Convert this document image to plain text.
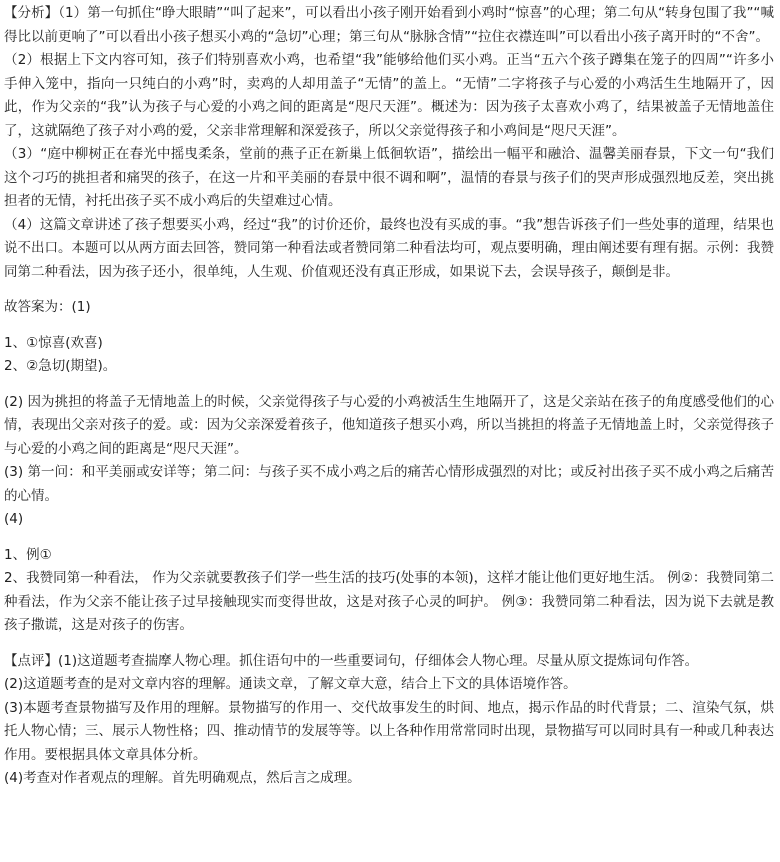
【分析】（1）第一句抓住“睁大眼睛”“叫了起来”，可以看出小孩子刚开始看到小鸡时“惊喜”的心理；第二句从“转身包围了我”“喊得比以前更响了”可以看出小孩子想买小鸡的“急切”心理；第三句从“脉脉含情”“拉住衣襟连叫”可以看出小孩子离开时的“不舍”。

（2）根据上下文内容可知，孩子们特别喜欢小鸡，也希望“我”能够给他们买小鸡。正当“五六个孩子蹲集在笼子的四周”“许多小手伸入笼中，指向一只纯白的小鸡”时，卖鸡的人却用盖子“无情”的盖上。“无情”二字将孩子与心爱的小鸡活生生地隔开了，因此，作为父亲的“我”认为孩子与心爱的小鸡之间的距离是“咫尺天涯”。概述为：因为孩子太喜欢小鸡了，结果被盖子无情地盖住了，这就隔绝了孩子对小鸡的爱，父亲非常理解和深爱孩子，所以父亲觉得孩子和小鸡间是“咫尺天涯”。

（3）“庭中柳树正在春光中摇曳柔条，堂前的燕子正在新巢上低徊软语”，描绘出一幅平和融洽、温馨美丽春景，下文一句“我们这个刁巧的挑担者和痛哭的孩子，在这一片和平美丽的春景中很不调和啊”，温情的春景与孩子们的哭声形成强烈地反差，突出挑担者的无情，衬托出孩子买不成小鸡后的失望难过心情。

（4）这篇文章讲述了孩子想要买小鸡，经过“我”的讨价还价，最终也没有买成的事。“我”想告诉孩子们一些处事的道理，结果也说不出口。本题可以从两方面去回答，赞同第一种看法或者赞同第二种看法均可，观点要明确，理由阐述要有理有据。示例：我赞同第二种看法，因为孩子还小，很单纯，人生观、价值观还没有真正形成，如果说下去，会误导孩子，颠倒是非。

故答案为：(1)

1、①惊喜(欢喜)

2、②急切(期望)。

(2) 因为挑担的将盖子无情地盖上的时候，父亲觉得孩子与心爱的小鸡被活生生地隔开了，这是父亲站在孩子的角度感受他们的心情，表现出父亲对孩子的爱。或：因为父亲深爱着孩子，他知道孩子想买小鸡，所以当挑担的将盖子无情地盖上时，父亲觉得孩子与心爱的小鸡之间的距离是“咫尺天涯”。

(3) 第一问：和平美丽或安详等；第二问：与孩子买不成小鸡之后的痛苦心情形成强烈的对比；或反衬出孩子买不成小鸡之后痛苦的心情。

(4)

1、例①

2、我赞同第一种看法， 作为父亲就要教孩子们学一些生活的技巧(处事的本领)，这样才能让他们更好地生活。 例②：我赞同第二种看法，作为父亲不能让孩子过早接触现实而变得世故，这是对孩子心灵的呵护。 例③：我赞同第二种看法，因为说下去就是教孩子撒谎，这是对孩子的伤害。

【点评】(1)这道题考查揣摩人物心理。抓住语句中的一些重要词句，仔细体会人物心理。尽量从原文提炼词句作答。

(2)这道题考查的是对文章内容的理解。通读文章，了解文章大意，结合上下文的具体语境作答。

(3)本题考查景物描写及作用的理解。景物描写的作用一、交代故事发生的时间、地点，揭示作品的时代背景；二、渲染气氛，烘托人物心情；三、展示人物性格；四、推动情节的发展等等。以上各种作用常常同时出现，景物描写可以同时具有一种或几种表达作用。要根据具体文章具体分析。

(4)考查对作者观点的理解。首先明确观点，然后言之成理。
